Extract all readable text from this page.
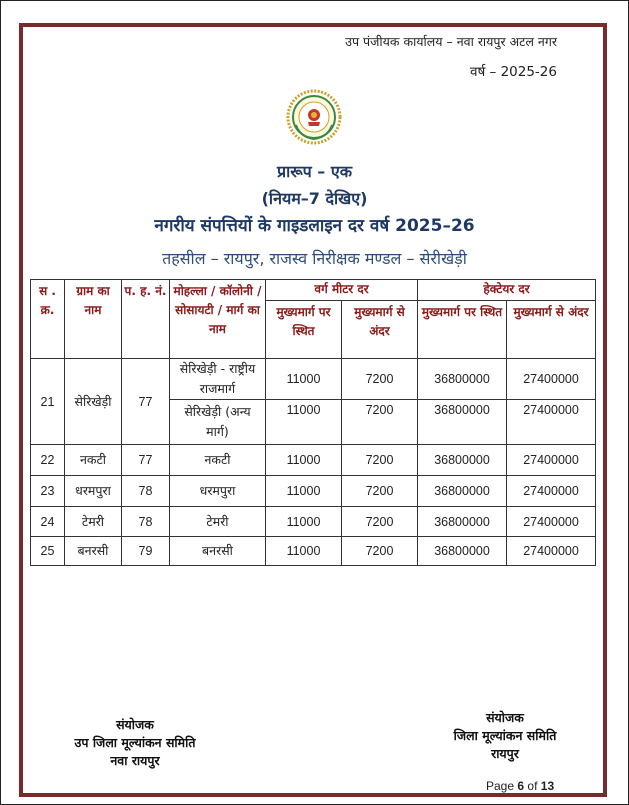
उप पंजीयक कार्यालय – नवा रायपुर अटल नगर
वर्ष – 2025-26
प्रारूप – एक
(नियम–7 देखिए)
नगरीय संपत्तियों के गाइडलाइन दर वर्ष 2025–26
तहसील – रायपुर, राजस्व निरीक्षक मण्डल – सेरीखेड़ी
स . क्र.	ग्राम का नाम	प. ह. नं.	मोहल्ला / कॉलोनी / सोसायटी / मार्ग का नाम	वर्ग मीटर दर		हेक्टेयर दर	
				मुख्यमार्ग पर स्थित	मुख्यमार्ग से अंदर	मुख्यमार्ग पर स्थित	मुख्यमार्ग से अंदर
21	सेरिखेड़ी	77	सेरिखेड़ी - राष्ट्रीय राजमार्ग	11000	7200	36800000	27400000
			सेरिखेड़ी (अन्य मार्ग)	11000	7200	36800000	27400000
22	नकटी	77	नकटी	11000	7200	36800000	27400000
23	धरमपुरा	78	धरमपुरा	11000	7200	36800000	27400000
24	टेमरी	78	टेमरी	11000	7200	36800000	27400000
25	बनरसी	79	बनरसी	11000	7200	36800000	27400000
संयोजक
उप जिला मूल्यांकन समिति
नवा रायपुर
संयोजक
जिला मूल्यांकन समिति
रायपुर
Page 6 of 13
